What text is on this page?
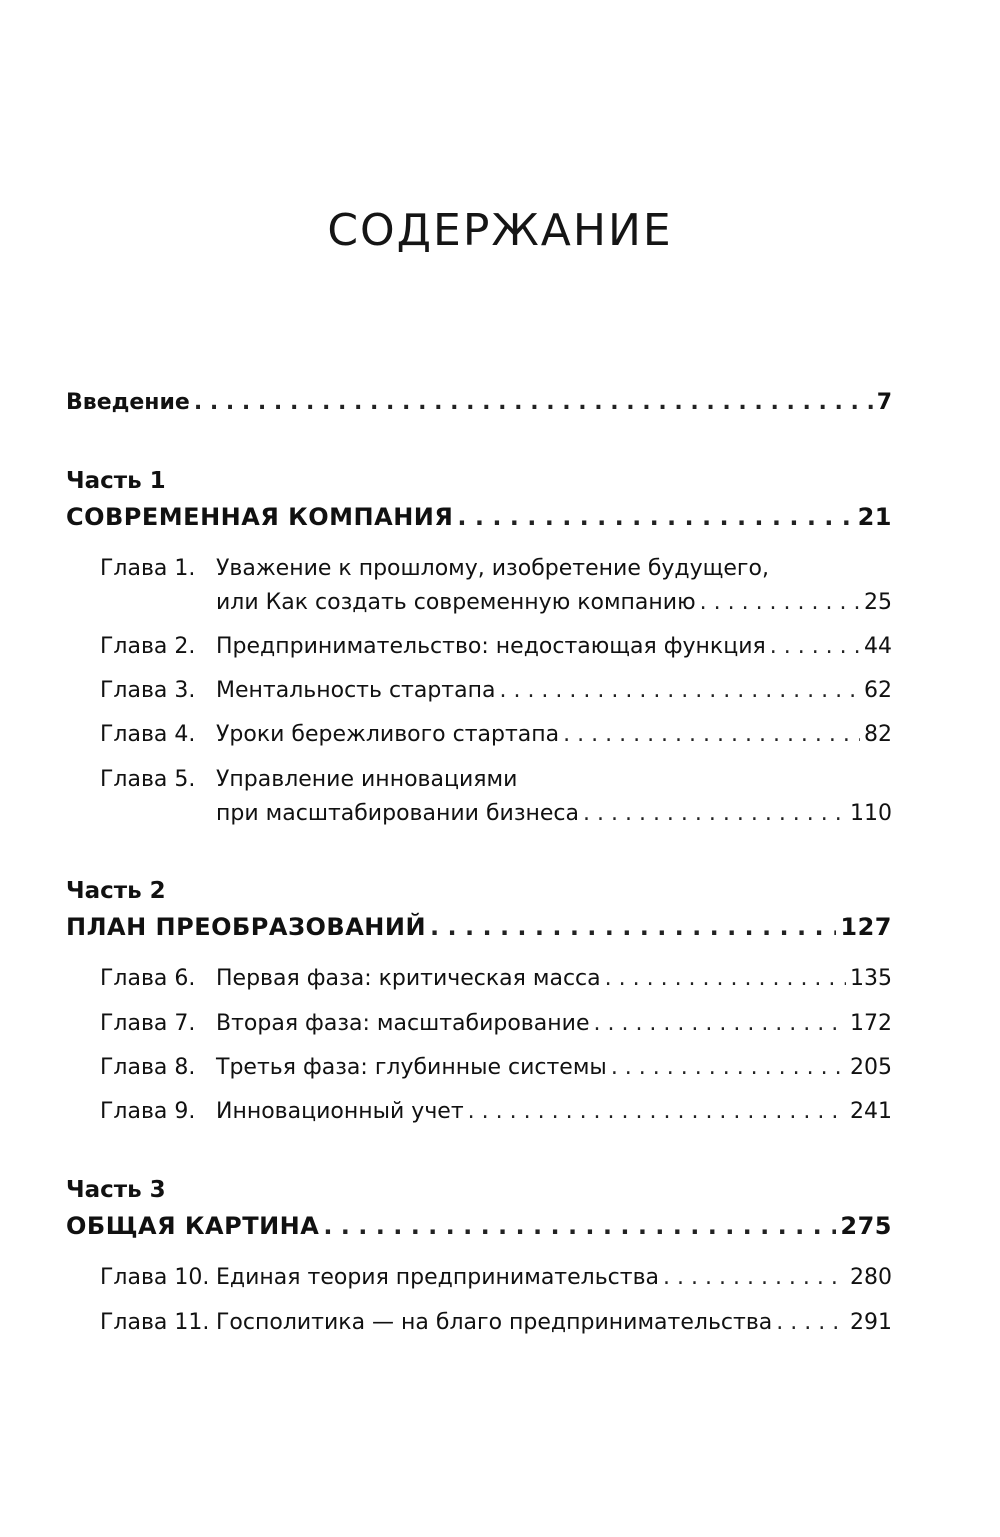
СОДЕРЖАНИЕ
Введение . . .	7
Часть 1
СОВРЕМЕННАЯ КОМПАНИЯ . . .	21
Глава 1. Уважение к прошлому, изобретение будущего,
или Как создать современную компанию . . .	25
Глава 2. Предпринимательство: недостающая функция . . .	44
Глава 3. Ментальность стартапа . . .	62
Глава 4. Уроки бережливого стартапа . . .	82
Глава 5. Управление инновациями
при масштабировании бизнеса . . .	110
Часть 2
ПЛАН ПРЕОБРАЗОВАНИЙ . . .	127
Глава 6. Первая фаза: критическая масса . . .	135
Глава 7. Вторая фаза: масштабирование . . .	172
Глава 8. Третья фаза: глубинные системы . . .	205
Глава 9. Инновационный учет . . .	241
Часть 3
ОБЩАЯ КАРТИНА . . .	275
Глава 10. Единая теория предпринимательства . . .	280
Глава 11. Госполитика — на благо предпринимательства . . .	291
